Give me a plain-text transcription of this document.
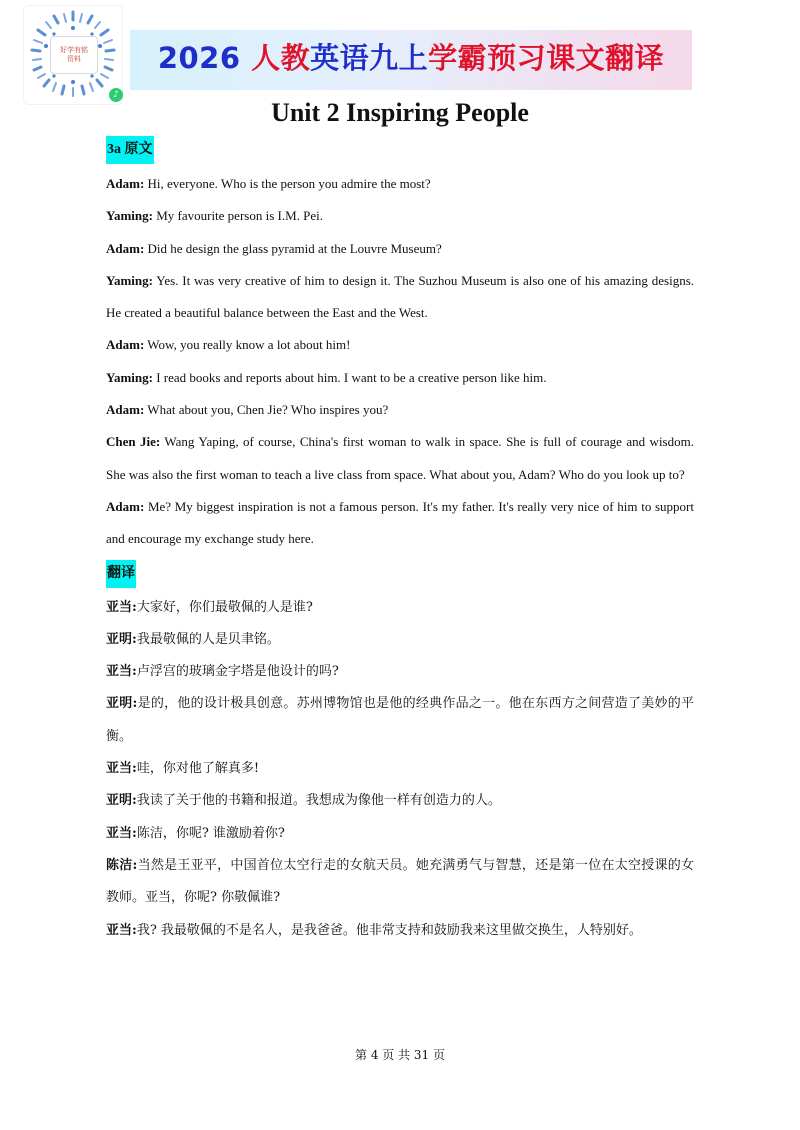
好学有铭
资料
♪
2026 人教英语九上学霸预习课文翻译
Unit 2 Inspiring People
3a 原文

Adam: Hi, everyone. Who is the person you admire the most?

Yaming: My favourite person is I.M. Pei.

Adam: Did he design the glass pyramid at the Louvre Museum?

Yaming: Yes. It was very creative of him to design it. The Suzhou Museum is also one of his amazing designs. He created a beautiful balance between the East and the West.

Adam: Wow, you really know a lot about him!

Yaming: I read books and reports about him. I want to be a creative person like him.

Adam: What about you, Chen Jie? Who inspires you?

Chen Jie: Wang Yaping, of course, China's first woman to walk in space. She is full of courage and wisdom. She was also the first woman to teach a live class from space. What about you, Adam? Who do you look up to?

Adam: Me? My biggest inspiration is not a famous person. It's my father. It's really very nice of him to support and encourage my exchange study here.

翻译

亚当:大家好，你们最敬佩的人是谁?

亚明:我最敬佩的人是贝聿铭。

亚当:卢浮宫的玻璃金字塔是他设计的吗?

亚明:是的，他的设计极具创意。苏州博物馆也是他的经典作品之一。他在东西方之间营造了美妙的平衡。

亚当:哇，你对他了解真多!

亚明:我读了关于他的书籍和报道。我想成为像他一样有创造力的人。

亚当:陈洁，你呢? 谁激励着你?

陈洁:当然是王亚平，中国首位太空行走的女航天员。她充满勇气与智慧，还是第一位在太空授课的女教师。亚当，你呢? 你敬佩谁?

亚当:我? 我最敬佩的不是名人，是我爸爸。他非常支持和鼓励我来这里做交换生，人特别好。

第 4 页 共 31 页
